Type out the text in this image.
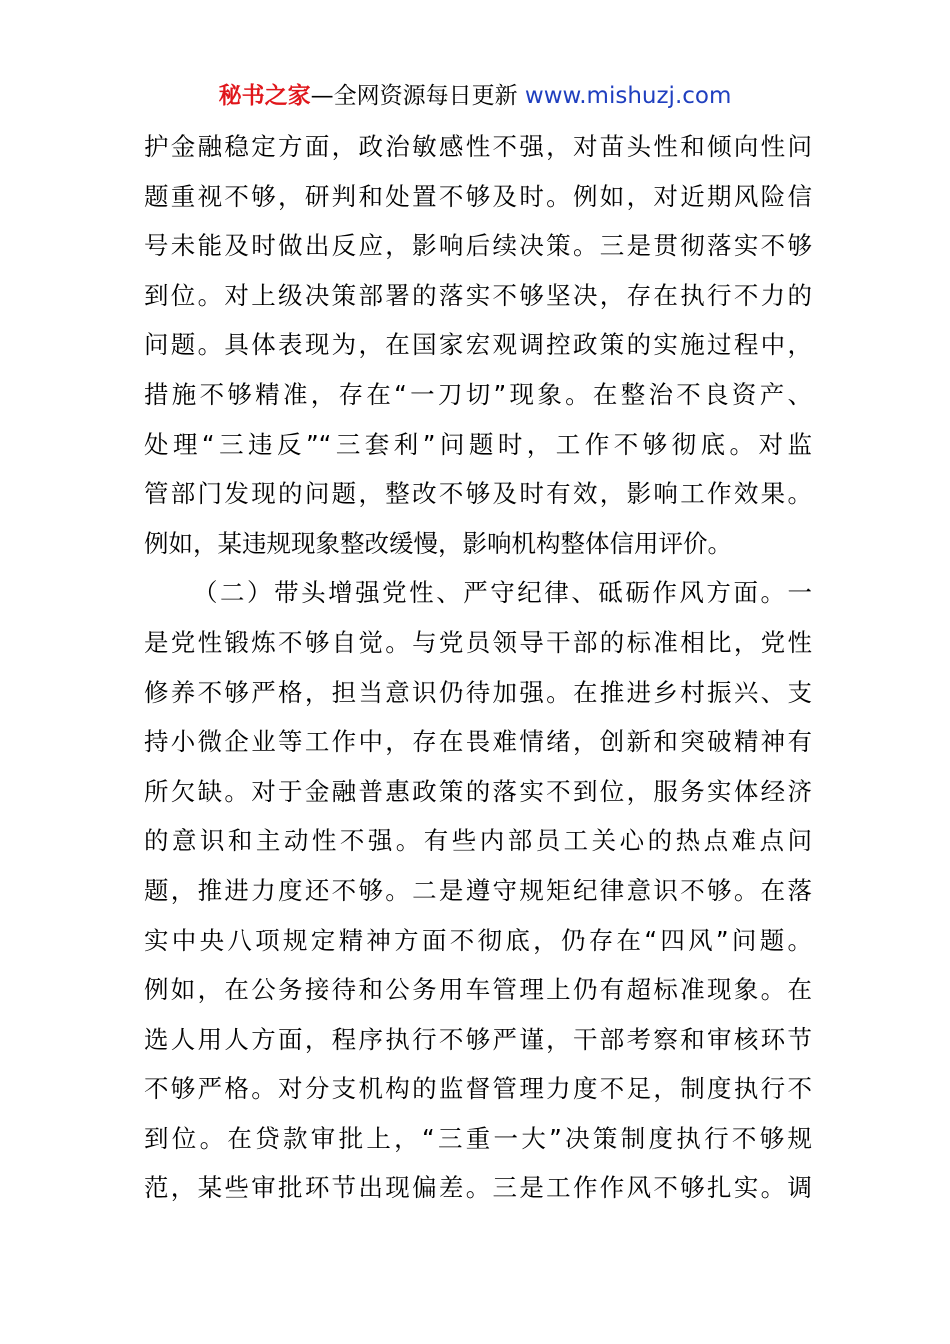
秘书之家—全网资源每日更新 www.mishuzj.com
护金融稳定方面，政治敏感性不强，对苗头性和倾向性问
题重视不够，研判和处置不够及时。例如，对近期风险信
号未能及时做出反应，影响后续决策。三是贯彻落实不够
到位。对上级决策部署的落实不够坚决，存在执行不力的
问题。具体表现为，在国家宏观调控政策的实施过程中，
措施不够精准，存在“一刀切”现象。在整治不良资产、
处理“三违反”“三套利”问题时，工作不够彻底。对监
管部门发现的问题，整改不够及时有效，影响工作效果。
例如，某违规现象整改缓慢，影响机构整体信用评价。
（二）带头增强党性、严守纪律、砥砺作风方面。一
是党性锻炼不够自觉。与党员领导干部的标准相比，党性
修养不够严格，担当意识仍待加强。在推进乡村振兴、支
持小微企业等工作中，存在畏难情绪，创新和突破精神有
所欠缺。对于金融普惠政策的落实不到位，服务实体经济
的意识和主动性不强。有些内部员工关心的热点难点问
题，推进力度还不够。二是遵守规矩纪律意识不够。在落
实中央八项规定精神方面不彻底，仍存在“四风”问题。
例如，在公务接待和公务用车管理上仍有超标准现象。在
选人用人方面，程序执行不够严谨，干部考察和审核环节
不够严格。对分支机构的监督管理力度不足，制度执行不
到位。在贷款审批上，“三重一大”决策制度执行不够规
范，某些审批环节出现偏差。三是工作作风不够扎实。调
